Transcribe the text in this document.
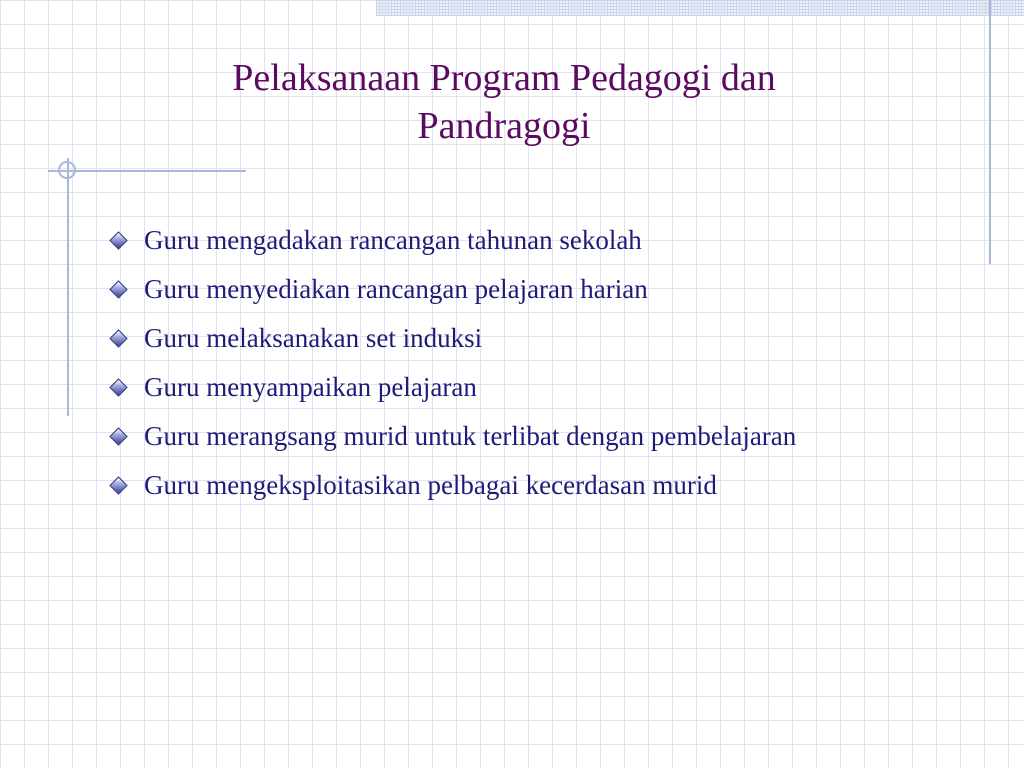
Pelaksanaan Program Pedagogi dan
Pandragogi
Guru mengadakan rancangan tahunan sekolah
Guru menyediakan rancangan pelajaran harian
Guru melaksanakan set induksi
Guru menyampaikan pelajaran
Guru merangsang murid untuk terlibat dengan pembelajaran
Guru mengeksploitasikan pelbagai kecerdasan murid
